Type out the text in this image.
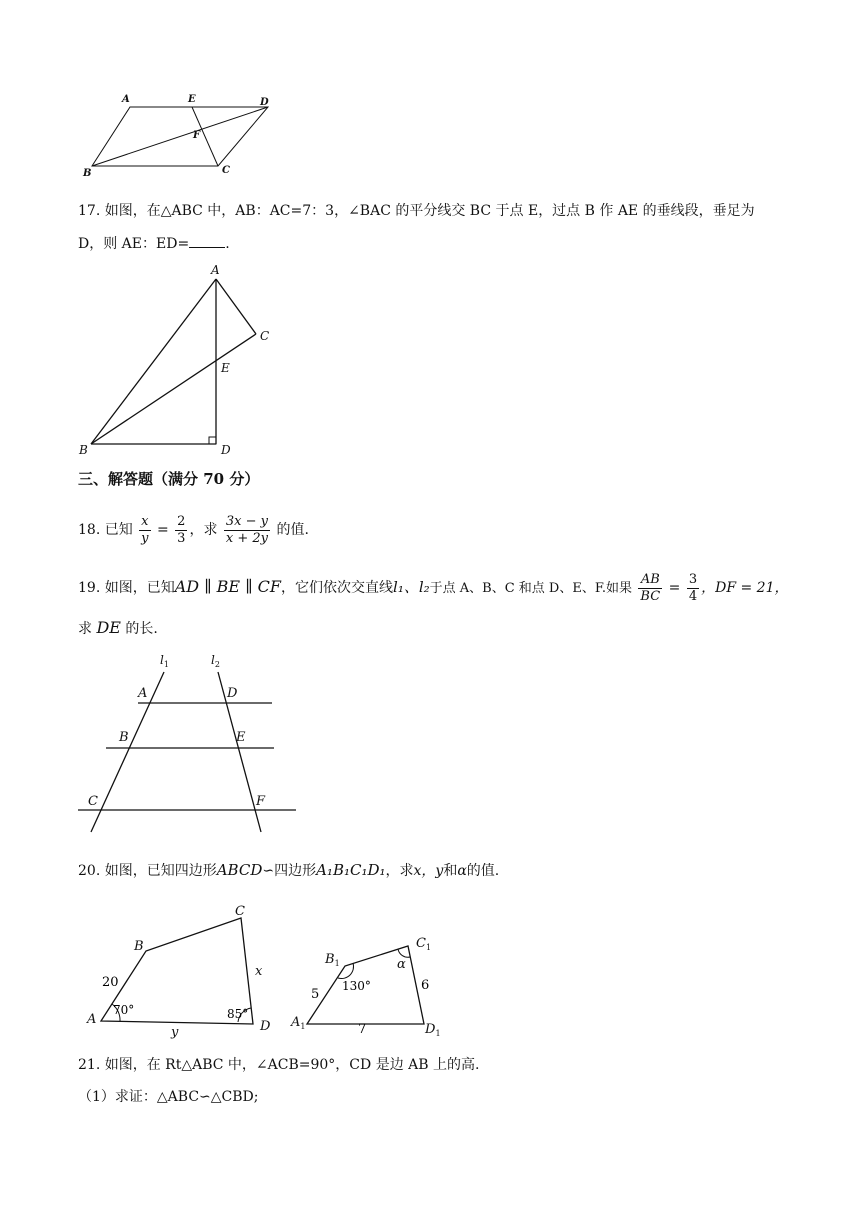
A	E	D
F
B	C
17. 如图，在△ABC 中，AB：AC=7：3，∠BAC 的平分线交 BC 于点 E，过点 B 作 AE 的垂线段，垂足为
D，则 AE：ED=	.
A
C
E
B	D
三、解答题（满分 70 分）
18. 已知 $\frac{x}{y} = \frac{2}{3}$ ，求 $\frac{3x - y}{x + 2y}$ 的值.
19. 如图，已知AD ∥ BE ∥ CF，它们依次交直线l₁、l₂于点 A、B、C 和点 D、E、F.如果 $\frac{AB}{BC} = \frac{3}{4}$ ，DF = 21，
求 DE 的长.
$l_1$	$l_2$
A	D
B	E
C	F
20. 如图，已知四边形ABCD∽四边形A₁B₁C₁D₁，求x，y和α的值.
C
B
20
x
A
70°	85°
D
y
$C_1$
$B_1$	α
130°
5
6
$A_1$	7	$D_1$
21. 如图，在 Rt△ABC 中，∠ACB=90°，CD 是边 AB 上的高.
（1）求证：△ABC∽△CBD;
